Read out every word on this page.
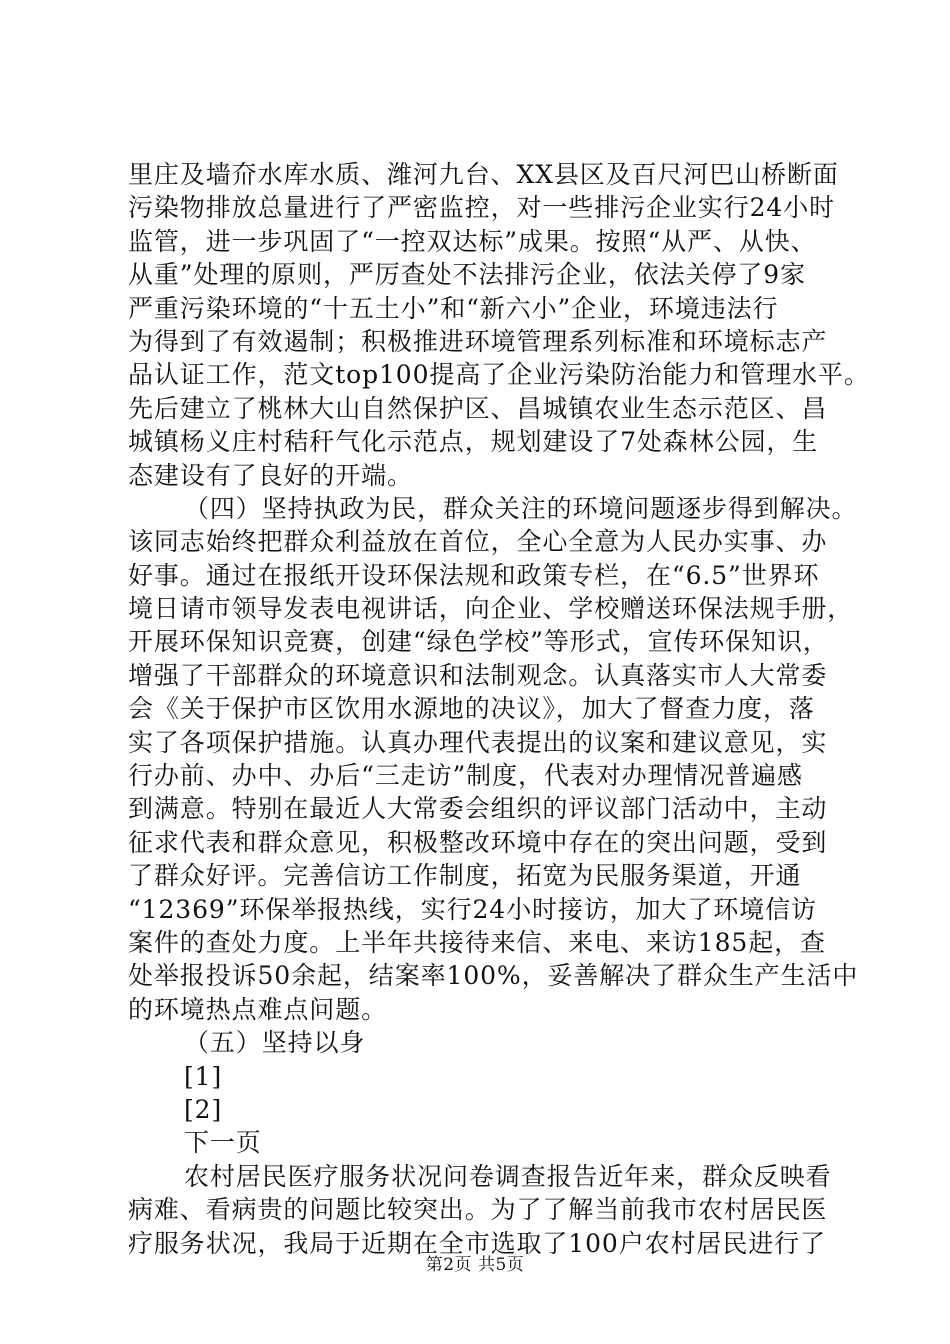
里庄及墙夼水库水质、潍河九台、XX县区及百尺河巴山桥断面
污染物排放总量进行了严密监控，对一些排污企业实行24小时
监管，进一步巩固了“一控双达标”成果。按照“从严、从快、
从重”处理的原则，严厉查处不法排污企业，依法关停了9家
严重污染环境的“十五土小”和“新六小”企业，环境违法行
为得到了有效遏制；积极推进环境管理系列标准和环境标志产
品认证工作，范文top100提高了企业污染防治能力和管理水平。
先后建立了桃林大山自然保护区、昌城镇农业生态示范区、昌
城镇杨义庄村秸秆气化示范点，规划建设了7处森林公园，生
态建设有了良好的开端。
（四）坚持执政为民，群众关注的环境问题逐步得到解决。
该同志始终把群众利益放在首位，全心全意为人民办实事、办
好事。通过在报纸开设环保法规和政策专栏，在“6.5”世界环
境日请市领导发表电视讲话，向企业、学校赠送环保法规手册，
开展环保知识竞赛，创建“绿色学校”等形式，宣传环保知识，
增强了干部群众的环境意识和法制观念。认真落实市人大常委
会《关于保护市区饮用水源地的决议》，加大了督查力度，落
实了各项保护措施。认真办理代表提出的议案和建议意见，实
行办前、办中、办后“三走访”制度，代表对办理情况普遍感
到满意。特别在最近人大常委会组织的评议部门活动中，主动
征求代表和群众意见，积极整改环境中存在的突出问题，受到
了群众好评。完善信访工作制度，拓宽为民服务渠道，开通
“12369”环保举报热线，实行24小时接访，加大了环境信访
案件的查处力度。上半年共接待来信、来电、来访185起，查
处举报投诉50余起，结案率100%，妥善解决了群众生产生活中
的环境热点难点问题。
（五）坚持以身
[1]
[2]
下一页
农村居民医疗服务状况问卷调查报告近年来，群众反映看
病难、看病贵的问题比较突出。为了了解当前我市农村居民医
疗服务状况，我局于近期在全市选取了100户农村居民进行了
第2页 共5页
